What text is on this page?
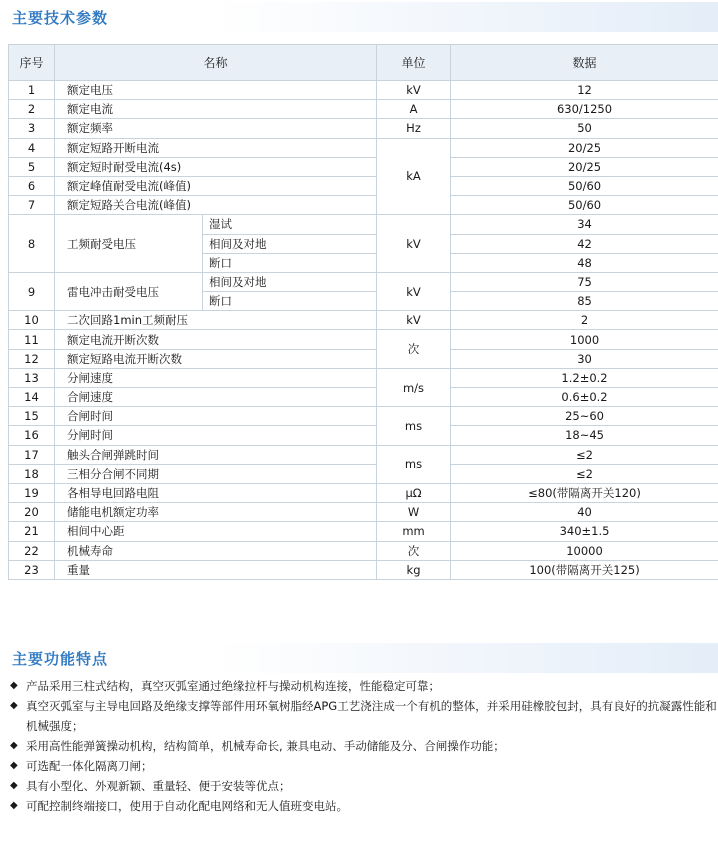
主要技术参数
序号	名称		单位	数据
1	额定电压		kV	12
2	额定电流		A	630/1250
3	额定频率		Hz	50
4	额定短路开断电流		kA	20/25
5	额定短时耐受电流(4s)			20/25
6	额定峰值耐受电流(峰值)			50/60
7	额定短路关合电流(峰值)			50/60
8	工频耐受电压	湿试	kV	34
		相间及对地		42
		断口		48
9	雷电冲击耐受电压	相间及对地	kV	75
		断口		85
10	二次回路1min工频耐压		kV	2
11	额定电流开断次数		次	1000
12	额定短路电流开断次数			30
13	分闸速度		m/s	1.2±0.2
14	合闸速度			0.6±0.2
15	合闸时间		ms	25~60
16	分闸时间			18~45
17	触头合闸弹跳时间		ms	≤2
18	三相分合闸不同期			≤2
19	各相导电回路电阻		μΩ	≤80(带隔离开关120)
20	储能电机额定功率		W	40
21	相间中心距		mm	340±1.5
22	机械寿命		次	10000
23	重量		kg	100(带隔离开关125)
主要功能特点
◆ 产品采用三柱式结构，真空灭弧室通过绝缘拉杆与操动机构连接，性能稳定可靠；
◆ 真空灭弧室与主导电回路及绝缘支撑等部件用环氧树脂经APG工艺浇注成一个有机的整体，并采用硅橡胶包封，具有良好的抗凝露性能和机械强度；
◆ 采用高性能弹簧操动机构，结构简单，机械寿命长, 兼具电动、手动储能及分、合闸操作功能；
◆ 可选配一体化隔离刀闸；
◆ 具有小型化、外观新颖、重量轻、便于安装等优点；
◆ 可配控制终端接口，使用于自动化配电网络和无人值班变电站。
